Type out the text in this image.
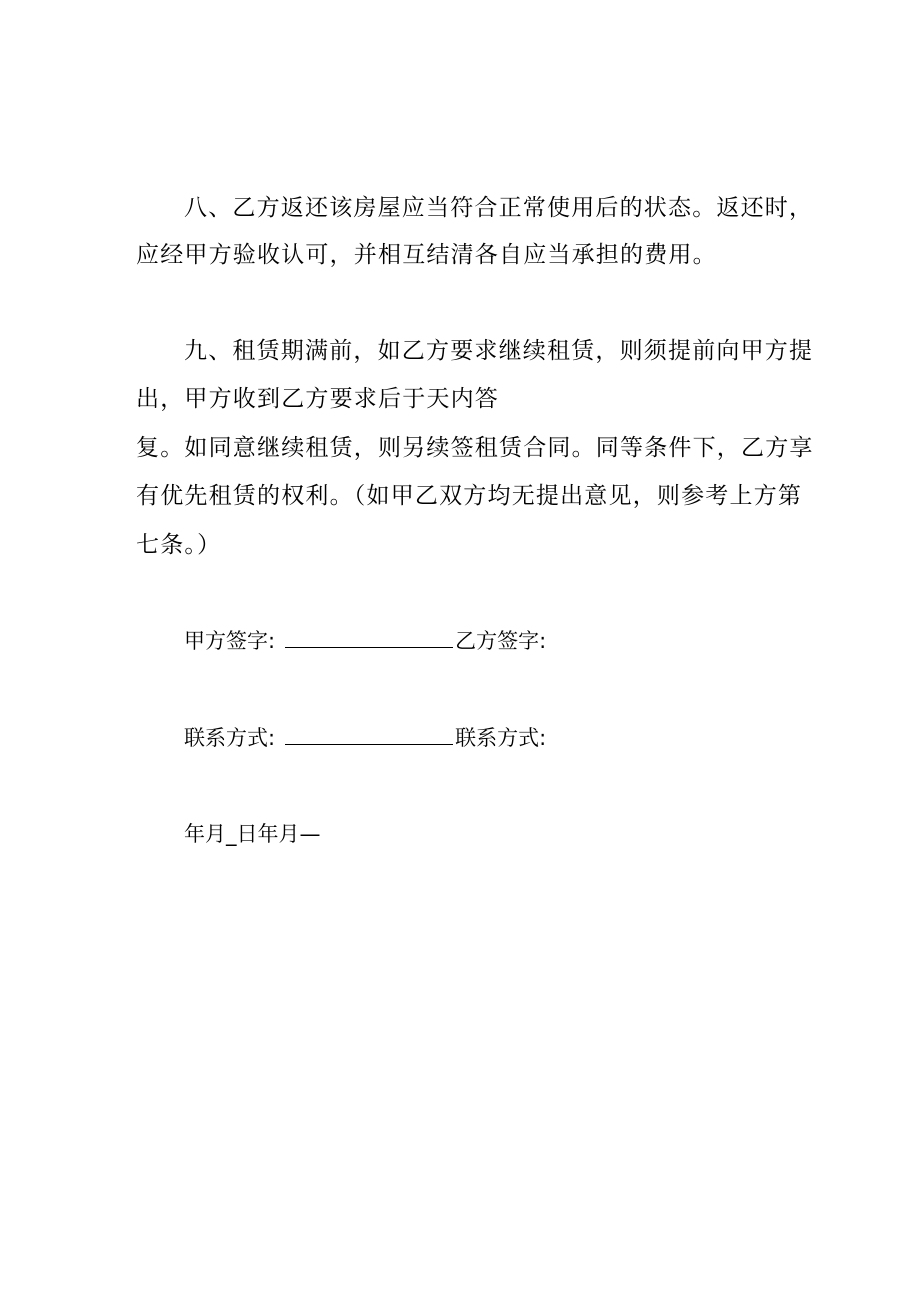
八、乙方返还该房屋应当符合正常使用后的状态。返还时，
应经甲方验收认可，并相互结清各自应当承担的费用。
九、租赁期满前，如乙方要求继续租赁，则须提前向甲方提
出，甲方收到乙方要求后于天内答
复。如同意继续租赁，则另续签租赁合同。同等条件下，乙方享
有优先租赁的权利。（如甲乙双方均无提出意见，则参考上方第
七条。）
甲方签字:	乙方签字:
联系方式:	联系方式:
年月_日年月—
